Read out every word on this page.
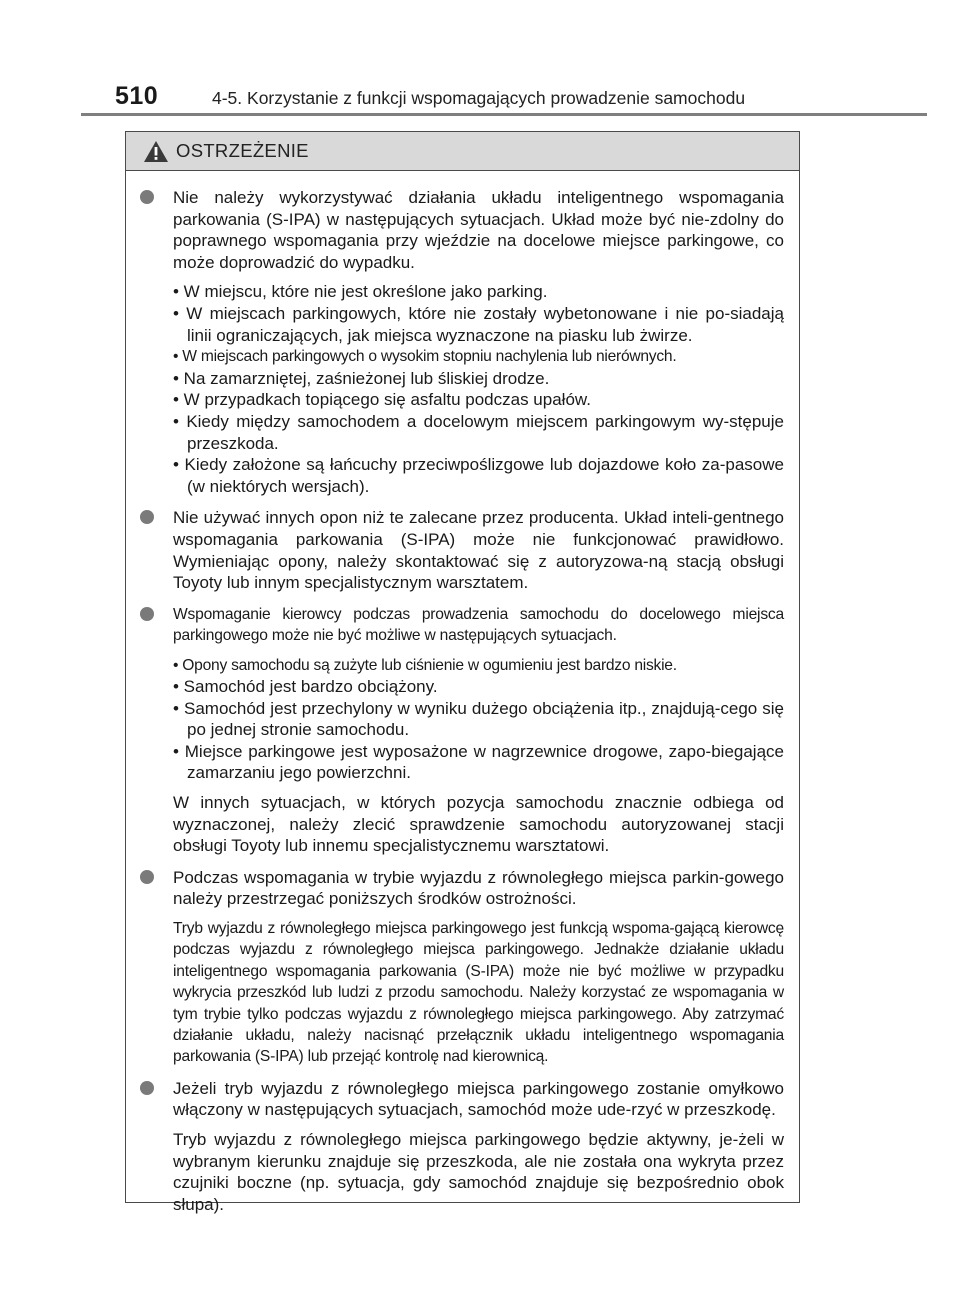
510	4-5. Korzystanie z funkcji wspomagających prowadzenie samochodu
OSTRZEŻENIE

Nie należy wykorzystywać działania układu inteligentnego wspomagania parkowania (S-IPA) w następujących sytuacjach. Układ może być nie-zdolny do poprawnego wspomagania przy wjeździe na docelowe miejsce parkingowe, co może doprowadzić do wypadku.

• W miejscu, które nie jest określone jako parking.

• W miejscach parkingowych, które nie zostały wybetonowane i nie po-siadają linii ograniczających, jak miejsca wyznaczone na piasku lub żwirze.

• W miejscach parkingowych o wysokim stopniu nachylenia lub nierównych.

• Na zamarzniętej, zaśnieżonej lub śliskiej drodze.

• W przypadkach topiącego się asfaltu podczas upałów.

• Kiedy między samochodem a docelowym miejscem parkingowym wy-stępuje przeszkoda.

• Kiedy założone są łańcuchy przeciwpoślizgowe lub dojazdowe koło za-pasowe (w niektórych wersjach).

Nie używać innych opon niż te zalecane przez producenta. Układ inteli-gentnego wspomagania parkowania (S-IPA) może nie funkcjonować prawidłowo. Wymieniając opony, należy skontaktować się z autoryzowa-ną stacją obsługi Toyoty lub innym specjalistycznym warsztatem.

Wspomaganie kierowcy podczas prowadzenia samochodu do docelowego miejsca parkingowego może nie być możliwe w następujących sytuacjach.

• Opony samochodu są zużyte lub ciśnienie w ogumieniu jest bardzo niskie.

• Samochód jest bardzo obciążony.

• Samochód jest przechylony w wyniku dużego obciążenia itp., znajdują-cego się po jednej stronie samochodu.

• Miejsce parkingowe jest wyposażone w nagrzewnice drogowe, zapo-biegające zamarzaniu jego powierzchni.

W innych sytuacjach, w których pozycja samochodu znacznie odbiega od wyznaczonej, należy zlecić sprawdzenie samochodu autoryzowanej stacji obsługi Toyoty lub innemu specjalistycznemu warsztatowi.

Podczas wspomagania w trybie wyjazdu z równoległego miejsca parkin-gowego należy przestrzegać poniższych środków ostrożności.

Tryb wyjazdu z równoległego miejsca parkingowego jest funkcją wspoma-gającą kierowcę podczas wyjazdu z równoległego miejsca parkingowego. Jednakże działanie układu inteligentnego wspomagania parkowania (S-IPA) może nie być możliwe w przypadku wykrycia przeszkód lub ludzi z przodu samochodu. Należy korzystać ze wspomagania w tym trybie tylko podczas wyjazdu z równoległego miejsca parkingowego. Aby zatrzymać działanie układu, należy nacisnąć przełącznik układu inteligentnego wspomagania parkowania (S-IPA) lub przejąć kontrolę nad kierownicą.

Jeżeli tryb wyjazdu z równoległego miejsca parkingowego zostanie omyłkowo włączony w następujących sytuacjach, samochód może ude-rzyć w przeszkodę.

Tryb wyjazdu z równoległego miejsca parkingowego będzie aktywny, je-żeli w wybranym kierunku znajduje się przeszkoda, ale nie została ona wykryta przez czujniki boczne (np. sytuacja, gdy samochód znajduje się bezpośrednio obok słupa).
